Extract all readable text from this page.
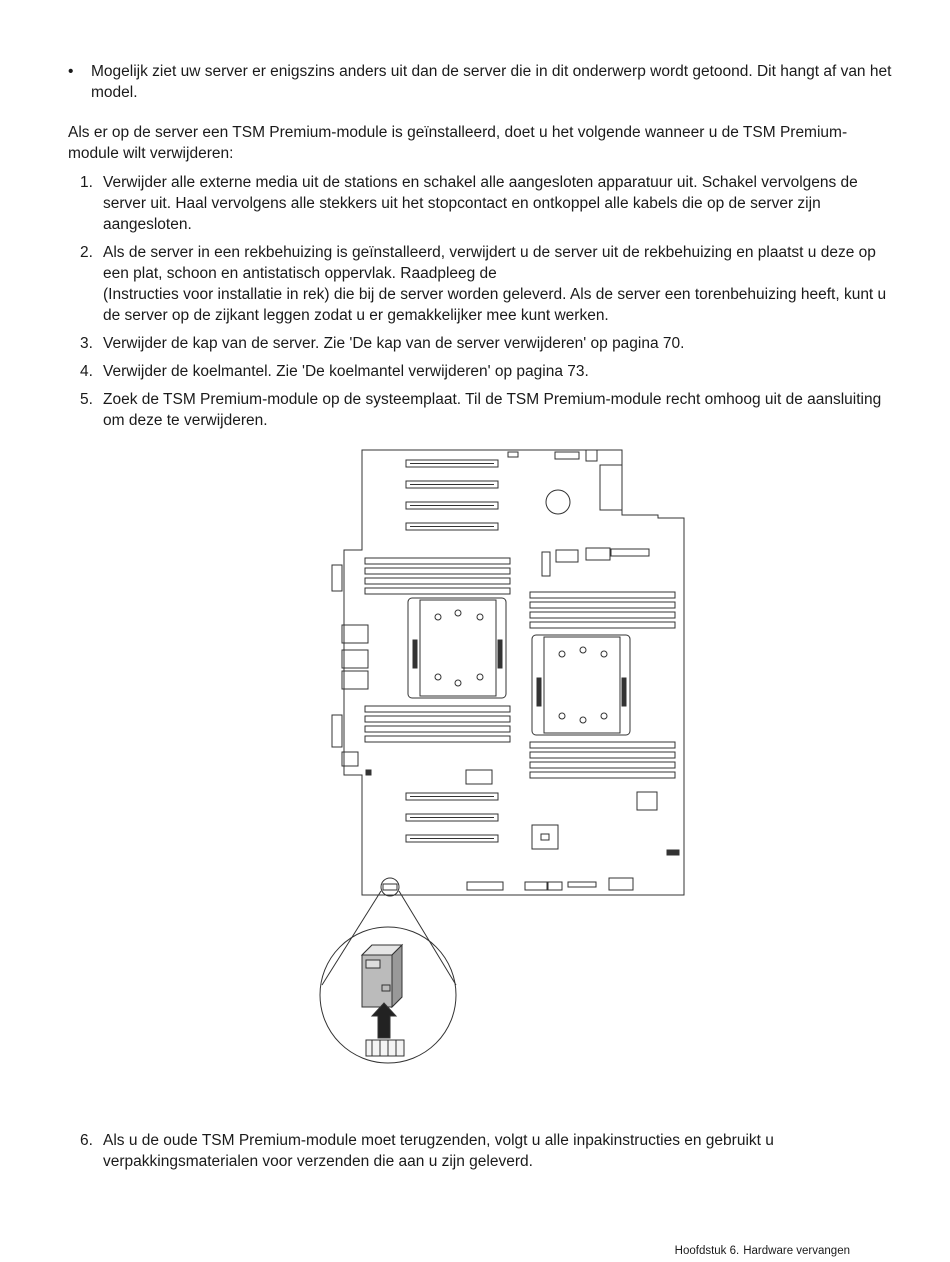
• Mogelijk ziet uw server er enigszins anders uit dan de server die in dit onderwerp wordt getoond. Dit hangt af van het model.
Als er op de server een TSM Premium-module is geïnstalleerd, doet u het volgende wanneer u de TSM Premium-module wilt verwijderen:
1. Verwijder alle externe media uit de stations en schakel alle aangesloten apparatuur uit. Schakel vervolgens de server uit. Haal vervolgens alle stekkers uit het stopcontact en ontkoppel alle kabels die op de server zijn aangesloten.
2. Als de server in een rekbehuizing is geïnstalleerd, verwijdert u de server uit de rekbehuizing en plaatst u deze op een plat, schoon en antistatisch oppervlak. Raadpleeg de
(Instructies voor installatie in rek) die bij de server worden geleverd. Als de server een torenbehuizing heeft, kunt u de server op de zijkant leggen zodat u er gemakkelijker mee kunt werken.
3. Verwijder de kap van de server. Zie 'De kap van de server verwijderen' op pagina 70.
4. Verwijder de koelmantel. Zie 'De koelmantel verwijderen' op pagina 73.
5. Zoek de TSM Premium-module op de systeemplaat. Til de TSM Premium-module recht omhoog uit de aansluiting om deze te verwijderen.
6. Als u de oude TSM Premium-module moet terugzenden, volgt u alle inpakinstructies en gebruikt u verpakkingsmaterialen voor verzenden die aan u zijn geleverd.
Hoofdstuk 6. Hardware vervangen
